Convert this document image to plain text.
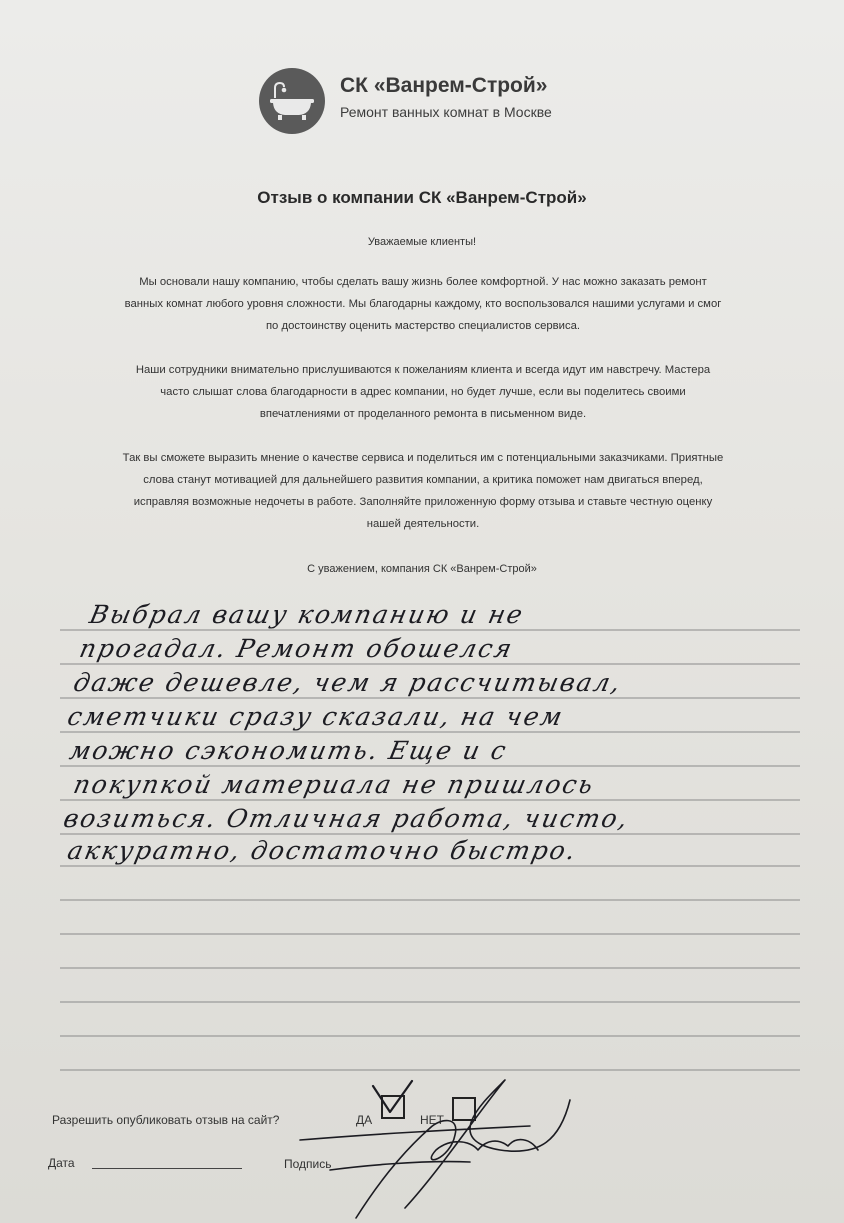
СК «Ванрем-Строй»
Ремонт ванных комнат в Москве
Отзыв о компании СК «Ванрем-Строй»
Уважаемые клиенты!
Мы основали нашу компанию, чтобы сделать вашу жизнь более комфортной. У нас можно заказать ремонт
ванных комнат любого уровня сложности. Мы благодарны каждому, кто воспользовался нашими услугами и смог
по достоинству оценить мастерство специалистов сервиса.
Наши сотрудники внимательно прислушиваются к пожеланиям клиента и всегда идут им навстречу. Мастера
часто слышат слова благодарности в адрес компании, но будет лучше, если вы поделитесь своими
впечатлениями от проделанного ремонта в письменном виде.
Так вы сможете выразить мнение о качестве сервиса и поделиться им с потенциальными заказчиками. Приятные
слова станут мотивацией для дальнейшего развития компании, а критика поможет нам двигаться вперед,
исправляя возможные недочеты в работе. Заполняйте приложенную форму отзыва и ставьте честную оценку
нашей деятельности.
С уважением, компания СК «Ванрем-Строй»
Выбрал вашу компанию и не
прогадал. Ремонт обошелся
даже дешевле, чем я рассчитывал,
сметчики сразу сказали, на чем
можно сэкономить. Еще и с
покупкой материала не пришлось
возиться. Отличная работа, чисто,
аккуратно, достаточно быстро.
Разрешить опубликовать отзыв на сайт?	ДА	НЕТ
Дата	Подпись
